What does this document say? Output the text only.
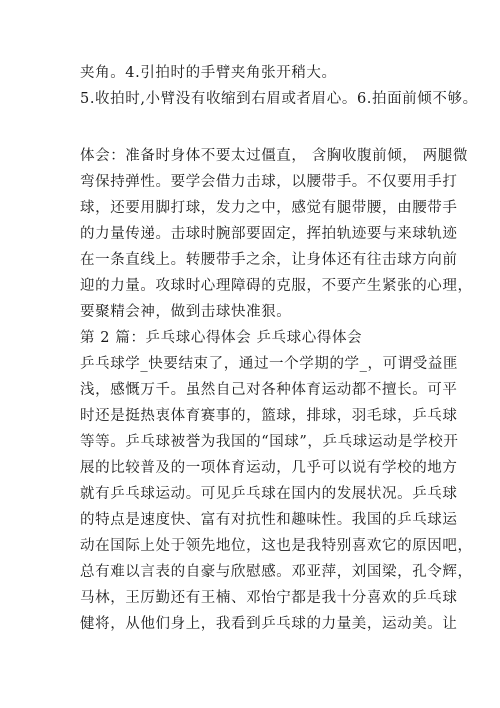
夹角。4.引拍时的手臂夹角张开稍大。
5.收拍时,小臂没有收缩到右眉或者眉心。6.拍面前倾不够。
体会：准备时身体不要太过僵直， 含胸收腹前倾， 两腿微
弯保持弹性。要学会借力击球，以腰带手。不仅要用手打
球，还要用脚打球，发力之中，感觉有腿带腰，由腰带手
的力量传递。击球时腕部要固定，挥拍轨迹要与来球轨迹
在一条直线上。转腰带手之余，让身体还有往击球方向前
迎的力量。攻球时心理障碍的克服，不要产生紧张的心理，
要聚精会神，做到击球快准狠。
第 2 篇：乒乓球心得体会 乒乓球心得体会
乒乓球学_快要结束了，通过一个学期的学_，可谓受益匪
浅，感慨万千。虽然自己对各种体育运动都不擅长。可平
时还是挺热衷体育赛事的，篮球，排球，羽毛球，乒乓球
等等。乒乓球被誉为我国的“国球”，乒乓球运动是学校开
展的比较普及的一项体育运动，几乎可以说有学校的地方
就有乒乓球运动。可见乒乓球在国内的发展状况。乒乓球
的特点是速度快、富有对抗性和趣味性。我国的乒乓球运
动在国际上处于领先地位，这也是我特别喜欢它的原因吧，
总有难以言表的自豪与欣慰感。邓亚萍，刘国梁，孔令辉，
马林，王厉勤还有王楠、邓怡宁都是我十分喜欢的乒乓球
健将，从他们身上，我看到乒乓球的力量美，运动美。让
